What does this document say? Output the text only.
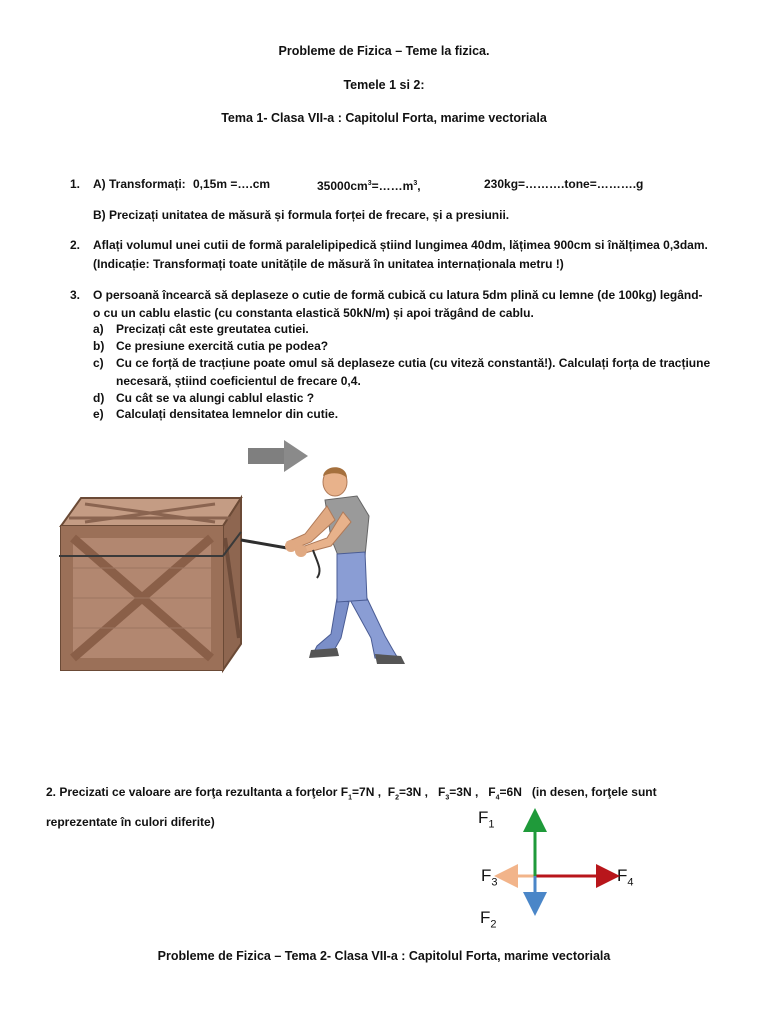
Probleme de Fizica – Teme la fizica.
Temele 1 si 2:
Tema 1- Clasa VII-a : Capitolul Forta, marime vectoriala
1. A) Transformați: 0,15m =….cm	$35000cm^3=\dots\dots m^3$,	230kg=……….tone=……….g
B) Precizați unitatea de măsură și formula forței de frecare, și a presiunii.
2. Aflați volumul unei cutii de formă paralelipipedică știind lungimea 40dm, lățimea 900cm si înălțimea 0,3dam.
(Indicație: Transformați toate unitățile de măsură în unitatea internaționala metru !)
3. O persoană încearcă să deplaseze o cutie de formă cubică cu latura 5dm plină cu lemne (de 100kg) legând-
o cu un cablu elastic (cu constanta elastică 50kN/m) și apoi trăgând de cablu.
a) Precizați cât este greutatea cutiei.
b) Ce presiune exercită cutia pe podea?
c) Cu ce forță de tracțiune poate omul să deplaseze cutia (cu viteză constantă!). Calculați forța de tracțiune
necesară, știind coeficientul de frecare 0,4.
d) Cu cât se va alungi cablul elastic ?
e) Calculați densitatea lemnelor din cutie.
2. Precizati ce valoare are forţa rezultanta a forţelor $F_1=7N$ ,  $F_2=3N$ ,   $F_3=3N$ ,   $F_4=6N$ (in desen, forţele sunt
reprezentate în culori diferite)	$F_1$
$F_3$	$F_4$
$F_2$
Probleme de Fizica – Tema 2- Clasa VII-a : Capitolul Forta, marime vectoriala
